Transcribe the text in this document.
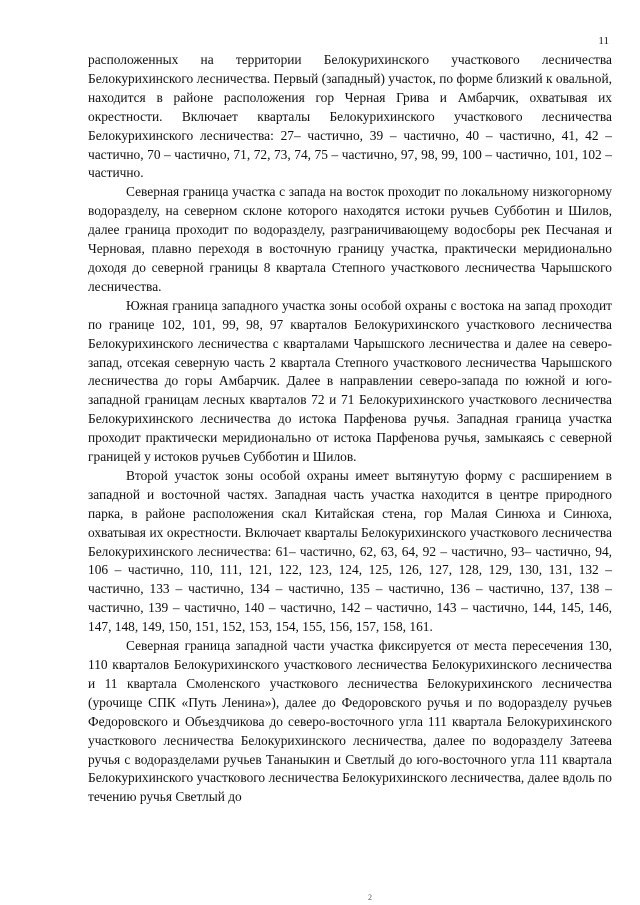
11

расположенных на территории Белокурихинского участкового лесничества Белокурихинского лесничества. Первый (западный) участок, по форме близкий к овальной, находится в районе расположения гор Черная Грива и Амбарчик, охватывая их окрестности. Включает кварталы Белокурихинского участкового лесничества Белокурихинского лесничества: 27– частично, 39 – частично, 40 – частично, 41, 42 – частично, 70 – частично, 71, 72, 73, 74, 75 – частично, 97, 98, 99, 100 – частично, 101, 102 – частично.

Северная граница участка с запада на восток проходит по локальному низкогорному водоразделу, на северном склоне которого находятся истоки ручьев Субботин и Шилов, далее граница проходит по водоразделу, разграничивающему водосборы рек Песчаная и Черновая, плавно переходя в восточную границу участка, практически меридионально доходя до северной границы 8 квартала Степного участкового лесничества Чарышского лесничества.

Южная граница западного участка зоны особой охраны с востока на запад проходит по границе 102, 101, 99, 98, 97 кварталов Белокурихинского участкового лесничества Белокурихинского лесничества с кварталами Чарышского лесничества и далее на северо-запад, отсекая северную часть 2 квартала Степного участкового лесничества Чарышского лесничества до горы Амбарчик. Далее в направлении северо-запада по южной и юго-западной границам лесных кварталов 72 и 71 Белокурихинского участкового лесничества Белокурихинского лесничества до истока Парфенова ручья. Западная граница участка проходит практически меридионально от истока Парфенова ручья, замыкаясь с северной границей у истоков ручьев Субботин и Шилов.

Второй участок зоны особой охраны имеет вытянутую форму с расширением в западной и восточной частях. Западная часть участка находится в центре природного парка, в районе расположения скал Китайская стена, гор Малая Синюха и Синюха, охватывая их окрестности. Включает кварталы Белокурихинского участкового лесничества Белокурихинского лесничества: 61– частично, 62, 63, 64, 92 – частично, 93– частично, 94, 106 – частично, 110, 111, 121, 122, 123, 124, 125, 126, 127, 128, 129, 130, 131, 132 – частично, 133 – частично, 134 – частично, 135 – частично, 136 – частично, 137, 138 – частично, 139 – частично, 140 – частично, 142 – частично, 143 – частично, 144, 145, 146, 147, 148, 149, 150, 151, 152, 153, 154, 155, 156, 157, 158, 161.

Северная граница западной части участка фиксируется от места пересечения 130, 110 кварталов Белокурихинского участкового лесничества Белокурихинского лесничества и 11 квартала Смоленского участкового лесничества Белокурихинского лесничества (урочище СПК «Путь Ленина»), далее до Федоровского ручья и по водоразделу ручьев Федоровского и Объездчикова до северо-восточного угла 111 квартала Белокурихинского участкового лесничества Белокурихинского лесничества, далее по водоразделу Затеева ручья с водоразделами ручьев Тананыкин и Светлый до юго-восточного угла 111 квартала Белокурихинского участкового лесничества Белокурихинского лесничества, далее вдоль по течению ручья Светлый до

2
